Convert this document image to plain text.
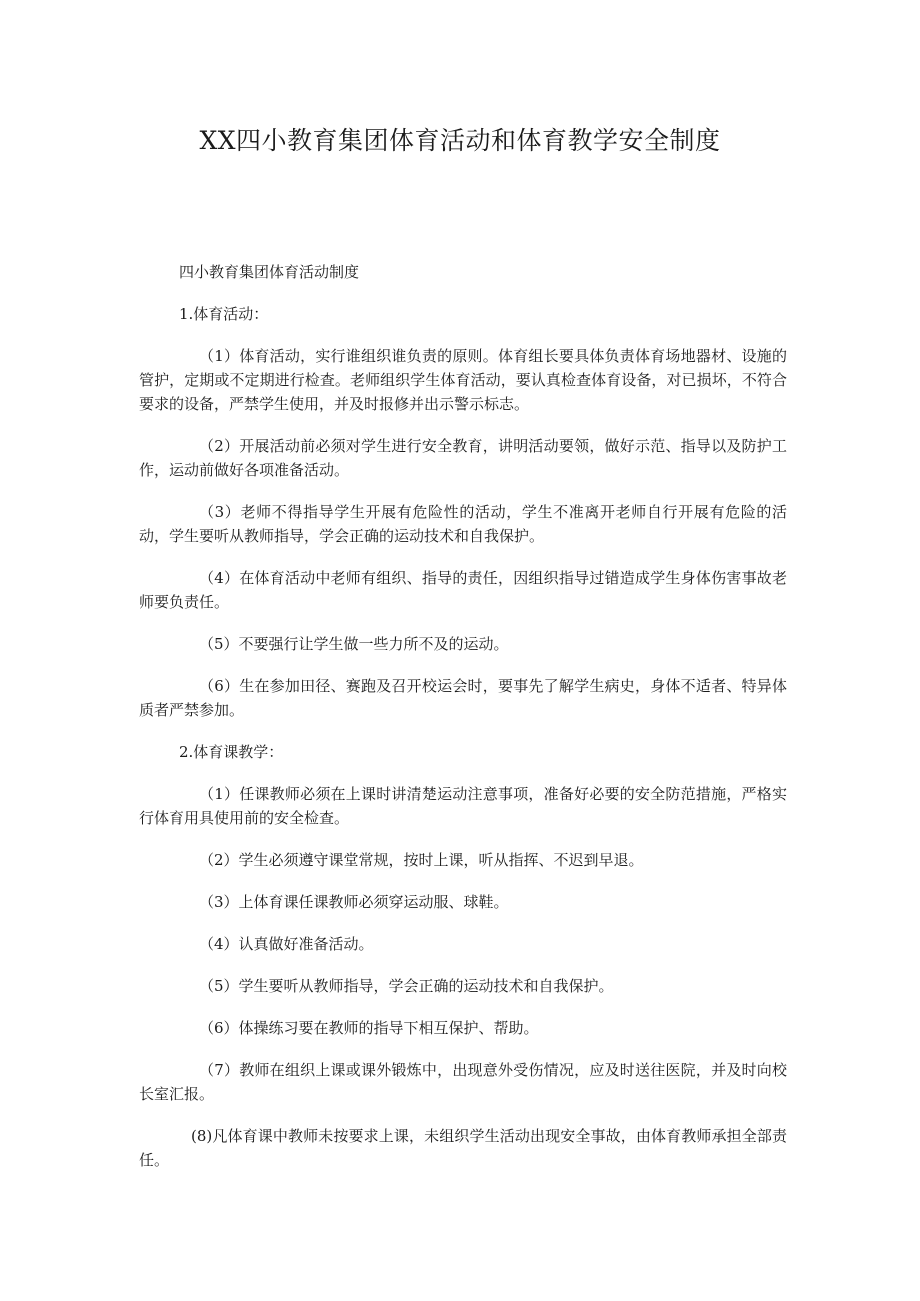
XX四小教育集团体育活动和体育教学安全制度

四小教育集团体育活动制度

1.体育活动：

（1）体育活动，实行谁组织谁负责的原则。体育组长要具体负责体育场地器材、设施的管护，定期或不定期进行检查。老师组织学生体育活动，要认真检查体育设备，对已损坏，不符合要求的设备，严禁学生使用，并及时报修并出示警示标志。

（2）开展活动前必须对学生进行安全教育，讲明活动要领，做好示范、指导以及防护工作，运动前做好各项准备活动。

（3）老师不得指导学生开展有危险性的活动，学生不准离开老师自行开展有危险的活动，学生要听从教师指导，学会正确的运动技术和自我保护。

（4）在体育活动中老师有组织、指导的责任，因组织指导过错造成学生身体伤害事故老师要负责任。

（5）不要强行让学生做一些力所不及的运动。

（6）生在参加田径、赛跑及召开校运会时，要事先了解学生病史，身体不适者、特异体质者严禁参加。

2.体育课教学：

（1）任课教师必须在上课时讲清楚运动注意事项，准备好必要的安全防范措施，严格实行体育用具使用前的安全检查。

（2）学生必须遵守课堂常规，按时上课，听从指挥、不迟到早退。

（3）上体育课任课教师必须穿运动服、球鞋。

（4）认真做好准备活动。

（5）学生要听从教师指导，学会正确的运动技术和自我保护。

（6）体操练习要在教师的指导下相互保护、帮助。

（7）教师在组织上课或课外锻炼中，出现意外受伤情况，应及时送往医院，并及时向校长室汇报。

(8)凡体育课中教师未按要求上课，未组织学生活动出现安全事故，由体育教师承担全部责任。
